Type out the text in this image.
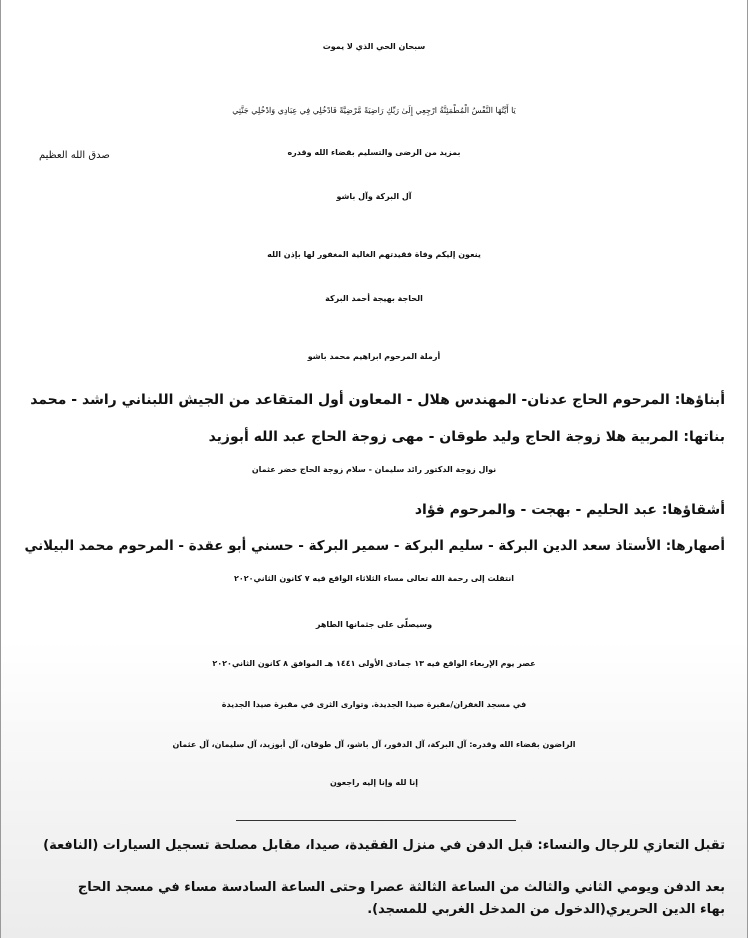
سبحان الحي الذي لا يموت
يَا أَيَّتُهَا النَّفْسُ الْمُطْمَئِنَّةُ ارْجِعِي إِلَىٰ رَبِّكِ رَاضِيَةً مَّرْضِيَّةً فَادْخُلِي فِي عِبَادِي وَادْخُلِي جَنَّتِي
صدق الله العظيم	بمزيد من الرضى والتسليم بقضاء الله وقدره
آل البركة وآل باشو
ينعون إليكم وفاة فقيدتهم الغالية المغفور لها بإذن الله
الحاجة بهيجة أحمد البركة
أرملة المرحوم ابراهيم محمد باشو
أبناؤها: المرحوم الحاج عدنان- المهندس هلال - المعاون أول المتقاعد من الجيش اللبناني راشد - محمد
بناتها: المربية هلا زوجة الحاج وليد طوقان - مهى زوجة الحاج عبد الله أبوزيد
نوال زوجة الدكتور رائد سليمان - سلام زوجة الحاج خضر عثمان
أشقاؤها: عبد الحليم - بهجت - والمرحوم فؤاد
أصهارها: الأستاذ سعد الدين البركة - سليم البركة - سمير البركة - حسني أبو عقدة - المرحوم محمد البيلاني
انتقلت إلى رحمة الله تعالى مساء الثلاثاء الواقع فيه ٧ كانون الثاني٢٠٢٠
وسيصلّى على جثمانها الطاهر
عصر يوم الإربعاء الواقع فيه ١٣ جمادى الأولى ١٤٤١ هـ الموافق ٨ كانون الثاني٢٠٢٠
في مسجد الغفران/مقبرة صيدا الجديدة. وتوارى الثرى في مقبرة صيدا الجديدة
الراضون بقضاء الله وقدره: آل البركة، آل الدقور، آل باشو، آل طوقان، آل أبوزيد، آل سليمان، آل عثمان
إنا لله وإنا إليه راجعون
تقبل التعازي للرجال والنساء: قبل الدفن في منزل الفقيدة، صيدا، مقابل مصلحة تسجيل السيارات (النافعة)
بعد الدفن ويومي الثاني والثالث من الساعة الثالثة عصرا وحتى الساعة السادسة مساء في مسجد الحاج
بهاء الدين الحريري(الدخول من المدخل الغربي للمسجد).
